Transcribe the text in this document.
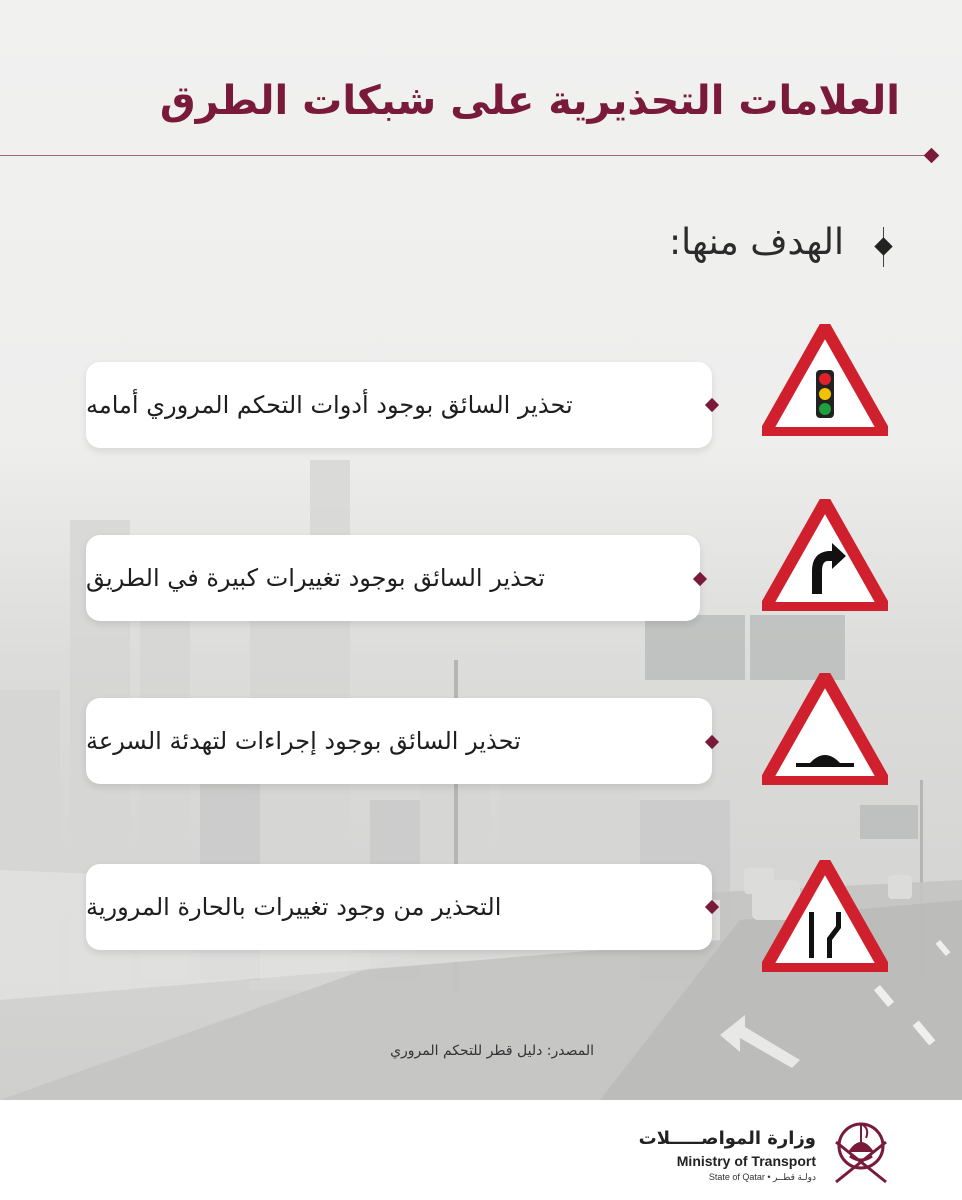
العلامات التحذيرية على شبكات الطرق
الهدف منها:
تحذير السائق بوجود أدوات التحكم المروري أمامه
تحذير السائق بوجود تغييرات كبيرة في الطريق
تحذير السائق بوجود إجراءات لتهدئة السرعة
التحذير من وجود تغييرات بالحارة المرورية
المصدر: دليل قطر للتحكم المروري
وزارة المواصـــــلات
Ministry of Transport
State of Qatar • دولـة قطــر
